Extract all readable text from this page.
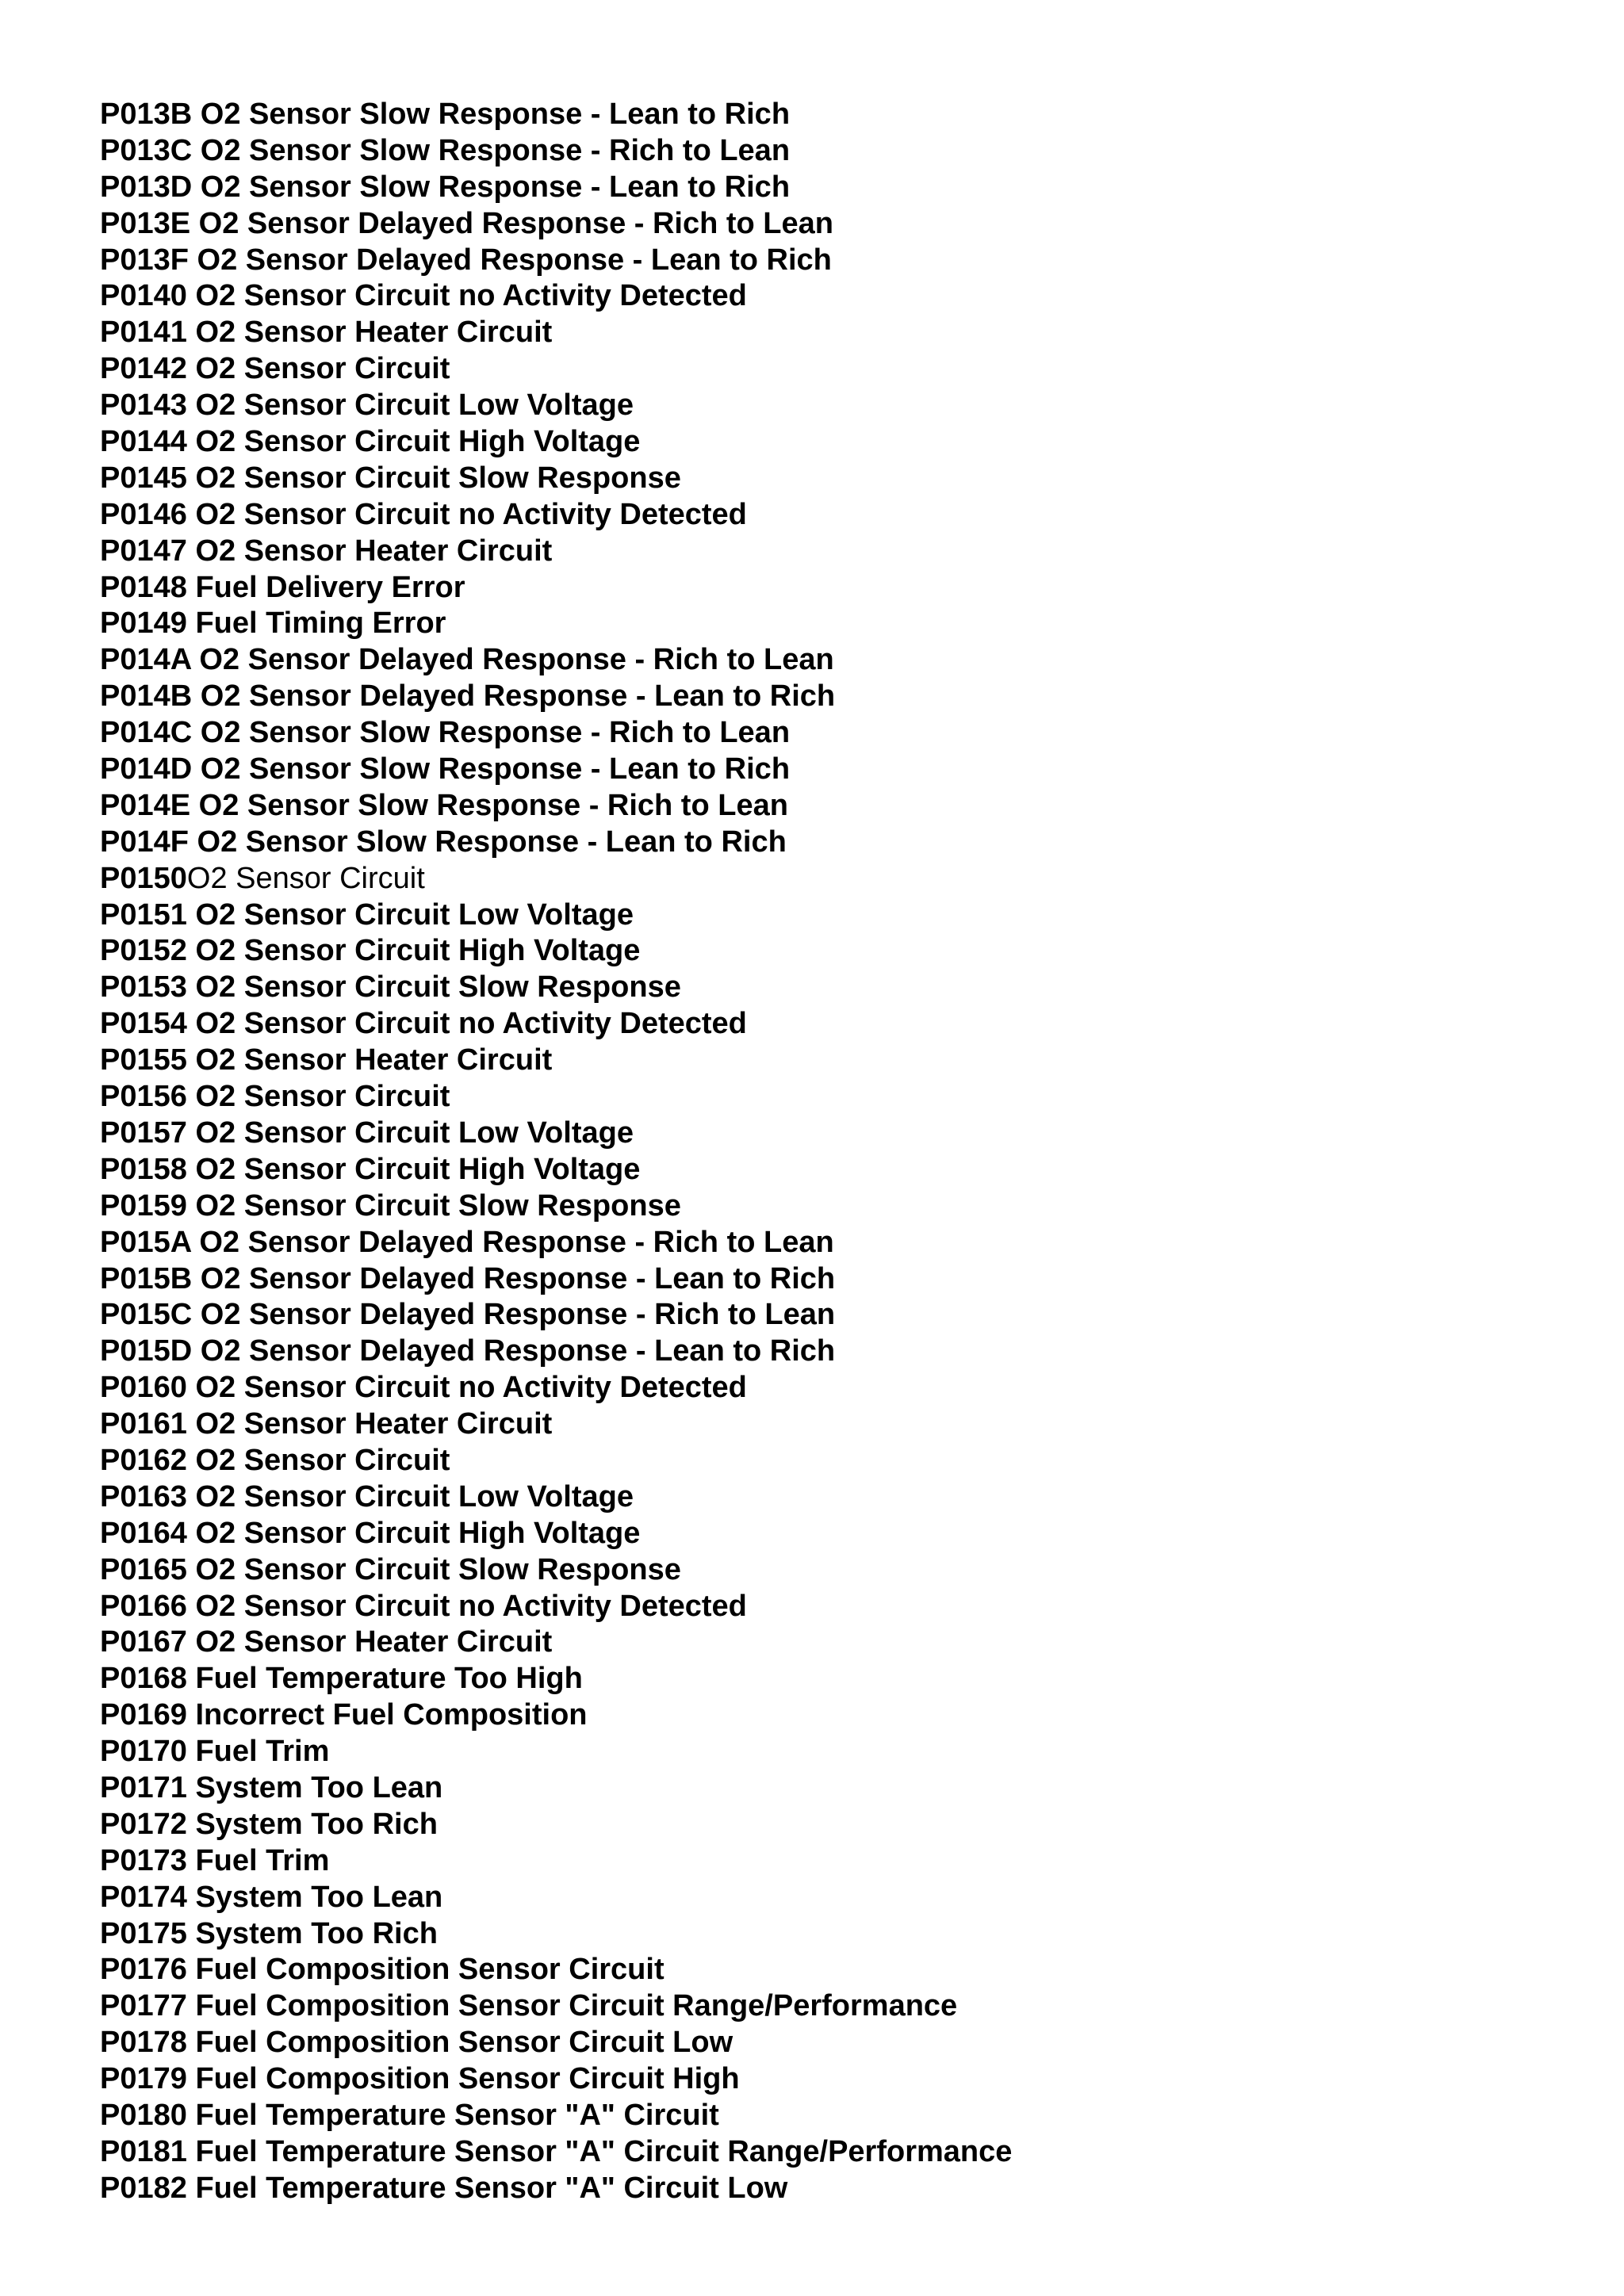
P013B O2 Sensor Slow Response - Lean to Rich
P013C O2 Sensor Slow Response - Rich to Lean
P013D O2 Sensor Slow Response - Lean to Rich
P013E O2 Sensor Delayed Response - Rich to Lean
P013F O2 Sensor Delayed Response - Lean to Rich
P0140 O2 Sensor Circuit no Activity Detected
P0141 O2 Sensor Heater Circuit
P0142 O2 Sensor Circuit
P0143 O2 Sensor Circuit Low Voltage
P0144 O2 Sensor Circuit High Voltage
P0145 O2 Sensor Circuit Slow Response
P0146 O2 Sensor Circuit no Activity Detected
P0147 O2 Sensor Heater Circuit
P0148 Fuel Delivery Error
P0149 Fuel Timing Error
P014A O2 Sensor Delayed Response - Rich to Lean
P014B O2 Sensor Delayed Response - Lean to Rich
P014C O2 Sensor Slow Response - Rich to Lean
P014D O2 Sensor Slow Response - Lean to Rich
P014E O2 Sensor Slow Response - Rich to Lean
P014F O2 Sensor Slow Response - Lean to Rich
P0150O2 Sensor Circuit
P0151 O2 Sensor Circuit Low Voltage
P0152 O2 Sensor Circuit High Voltage
P0153 O2 Sensor Circuit Slow Response
P0154 O2 Sensor Circuit no Activity Detected
P0155 O2 Sensor Heater Circuit
P0156 O2 Sensor Circuit
P0157 O2 Sensor Circuit Low Voltage
P0158 O2 Sensor Circuit High Voltage
P0159 O2 Sensor Circuit Slow Response
P015A O2 Sensor Delayed Response - Rich to Lean
P015B O2 Sensor Delayed Response - Lean to Rich
P015C O2 Sensor Delayed Response - Rich to Lean
P015D O2 Sensor Delayed Response - Lean to Rich
P0160 O2 Sensor Circuit no Activity Detected
P0161 O2 Sensor Heater Circuit
P0162 O2 Sensor Circuit
P0163 O2 Sensor Circuit Low Voltage
P0164 O2 Sensor Circuit High Voltage
P0165 O2 Sensor Circuit Slow Response
P0166 O2 Sensor Circuit no Activity Detected
P0167 O2 Sensor Heater Circuit
P0168 Fuel Temperature Too High
P0169 Incorrect Fuel Composition
P0170 Fuel Trim
P0171 System Too Lean
P0172 System Too Rich
P0173 Fuel Trim
P0174 System Too Lean
P0175 System Too Rich
P0176 Fuel Composition Sensor Circuit
P0177 Fuel Composition Sensor Circuit Range/Performance
P0178 Fuel Composition Sensor Circuit Low
P0179 Fuel Composition Sensor Circuit High
P0180 Fuel Temperature Sensor "A" Circuit
P0181 Fuel Temperature Sensor "A" Circuit Range/Performance
P0182 Fuel Temperature Sensor "A" Circuit Low
